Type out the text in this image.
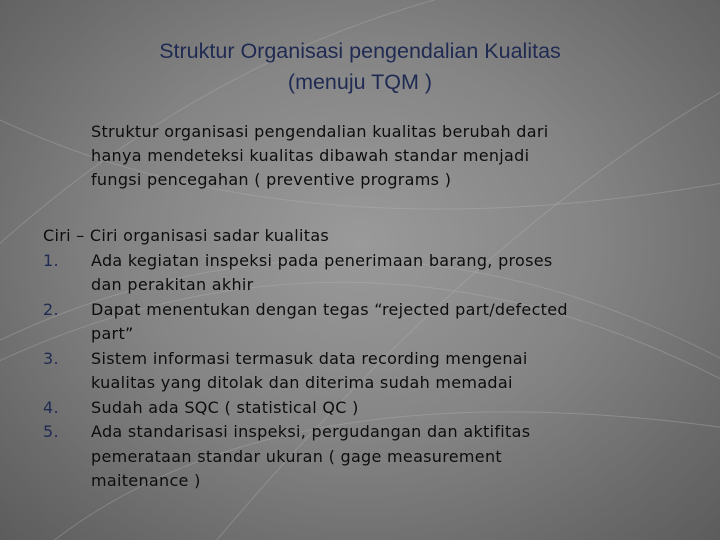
Struktur Organisasi pengendalian Kualitas
(menuju TQM )
Struktur organisasi pengendalian kualitas berubah dari
hanya mendeteksi kualitas dibawah standar menjadi
fungsi pencegahan ( preventive programs )
Ciri – Ciri organisasi sadar kualitas
1. Ada kegiatan inspeksi pada penerimaan barang, proses
dan perakitan akhir
2. Dapat menentukan dengan tegas “rejected part/defected
part”
3. Sistem informasi termasuk data recording mengenai
kualitas yang ditolak dan diterima sudah memadai
4. Sudah ada SQC ( statistical QC )
5. Ada standarisasi inspeksi, pergudangan dan aktifitas
pemerataan standar ukuran ( gage measurement
maitenance )
